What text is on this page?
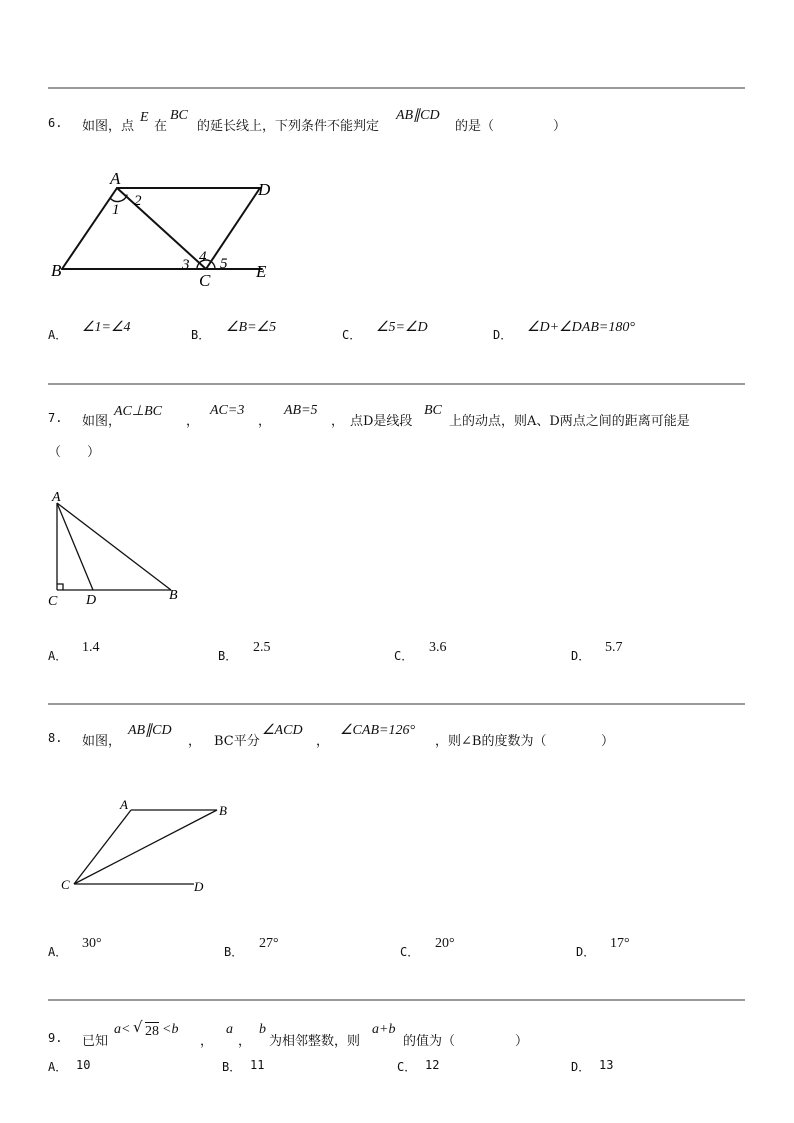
6. 如图，点
E
在
BC
的延长线上，下列条件不能判定
AB∥CD
的是（	）
A
D
B
C	E
1
2
3 4 5
A． ∠1=∠4	B． ∠B=∠5	C． ∠5=∠D	D． ∠D+∠DAB=180°
7. 如图，
AC⊥BC
，
AC=3
，
AB=5
， 点D是线段
BC
上的动点，则A、D两点之间的距离可能是
（　　）
A
C D	B
A．
1.4
B．
2.5
C．
3.6
D．
5.7
8. 如图，
AB∥CD
， BC平分
∠ACD
，
∠CAB=126°
，则∠B的度数为（	）
A	B
C	D
A．
30°
B．
27°
C．
20°
D．
17°
9. 已知
a< √ 28 <b
，
a
，
b
为相邻整数，则
a+b
的值为（	）
A． 10	B． 11	C． 12	D． 13
